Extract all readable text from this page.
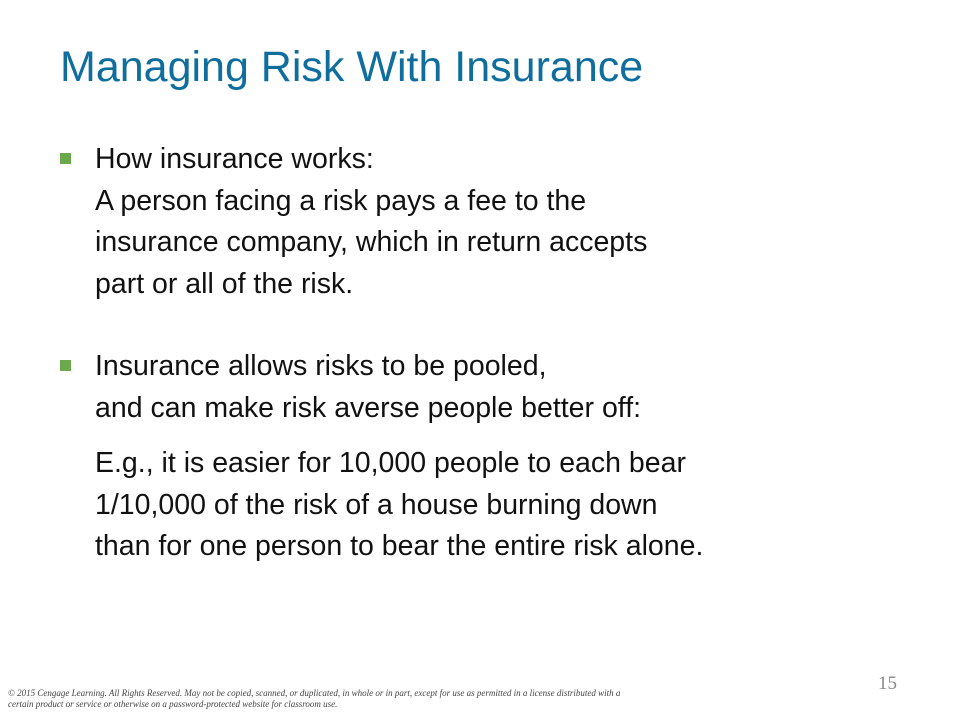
Managing Risk With Insurance
How insurance works:
A person facing a risk pays a fee to the
insurance company, which in return accepts
part or all of the risk.
Insurance allows risks to be pooled,
and can make risk averse people better off:
E.g., it is easier for 10,000 people to each bear
1/10,000 of the risk of a house burning down
than for one person to bear the entire risk alone.
© 2015 Cengage Learning. All Rights Reserved. May not be copied, scanned, or duplicated, in whole or in part, except for use as permitted in a license distributed with a certain product or service or otherwise on a password-protected website for classroom use.
15
